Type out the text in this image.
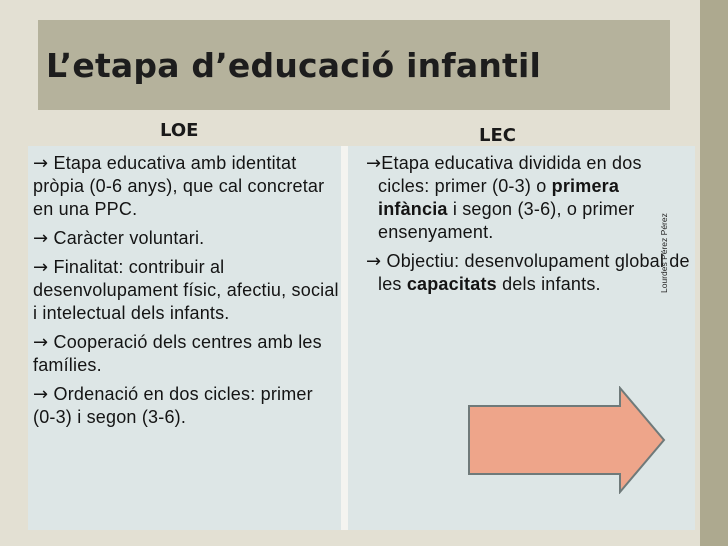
L’etapa d’educació infantil
LOE	LEC
→ Etapa educativa amb identitat pròpia (0-6 anys), que cal concretar en una PPC.
→ Caràcter voluntari.
→ Finalitat: contribuir al desenvolupament físic, afectiu, social i intelectual dels infants.
→ Cooperació dels centres amb les famílies.
→ Ordenació en dos cicles: primer (0-3) i segon (3-6).
→Etapa educativa dividida en dos cicles: primer (0-3) o primera infància i segon (3-6), o primer ensenyament.
→ Objectiu: desenvolupament global de les capacitats dels infants.
